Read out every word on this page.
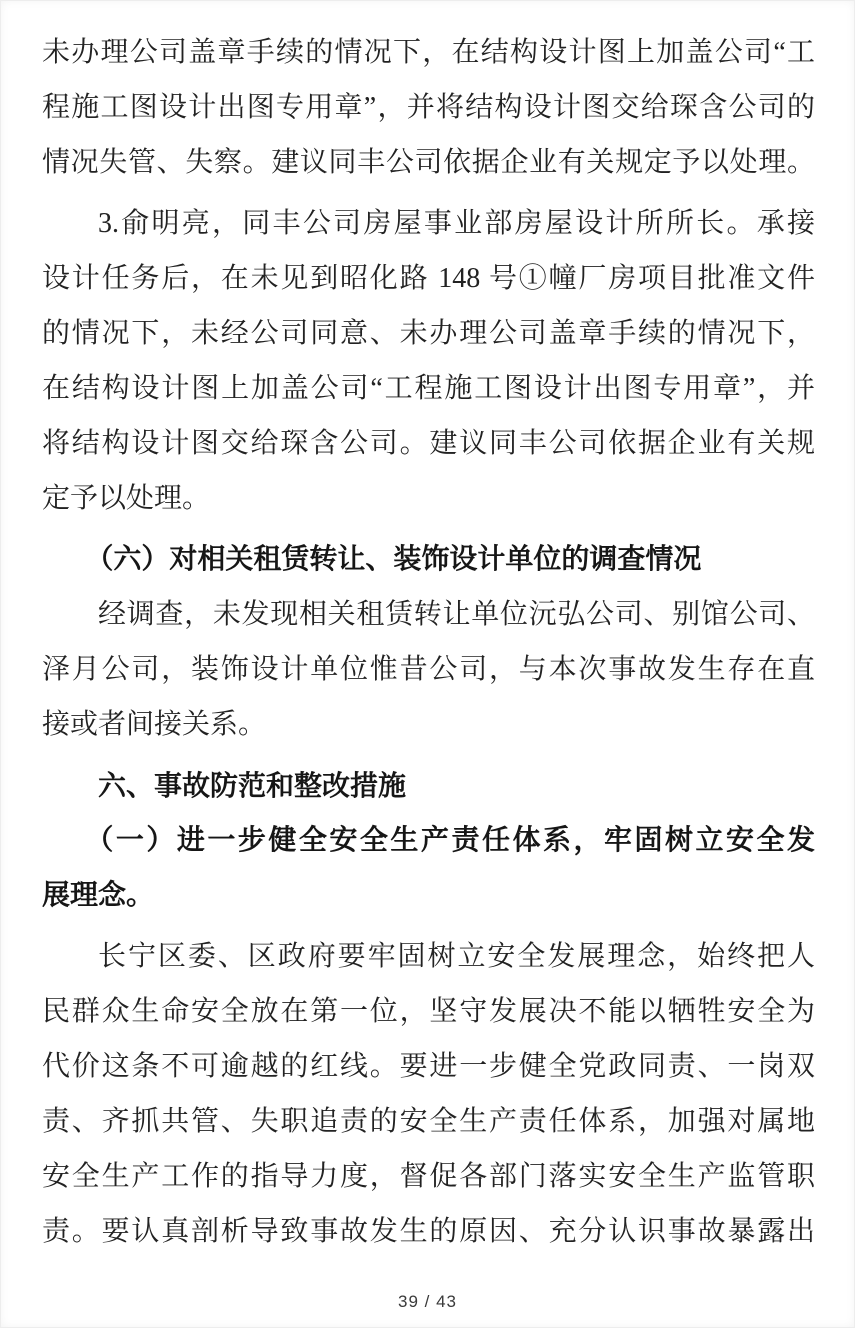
未办理公司盖章手续的情况下，在结构设计图上加盖公司“工
程施工图设计出图专用章”，并将结构设计图交给琛含公司的
情况失管、失察。建议同丰公司依据企业有关规定予以处理。
3.俞明亮，同丰公司房屋事业部房屋设计所所长。承接
设计任务后，在未见到昭化路 148 号①幢厂房项目批准文件
的情况下，未经公司同意、未办理公司盖章手续的情况下，
在结构设计图上加盖公司“工程施工图设计出图专用章”，并
将结构设计图交给琛含公司。建议同丰公司依据企业有关规
定予以处理。
（六）对相关租赁转让、装饰设计单位的调查情况
经调查，未发现相关租赁转让单位沅弘公司、别馆公司、
泽月公司，装饰设计单位惟昔公司，与本次事故发生存在直
接或者间接关系。
六、事故防范和整改措施
（一）进一步健全安全生产责任体系，牢固树立安全发
展理念。
长宁区委、区政府要牢固树立安全发展理念，始终把人
民群众生命安全放在第一位，坚守发展决不能以牺牲安全为
代价这条不可逾越的红线。要进一步健全党政同责、一岗双
责、齐抓共管、失职追责的安全生产责任体系，加强对属地
安全生产工作的指导力度，督促各部门落实安全生产监管职
责。要认真剖析导致事故发生的原因、充分认识事故暴露出
39 / 43
